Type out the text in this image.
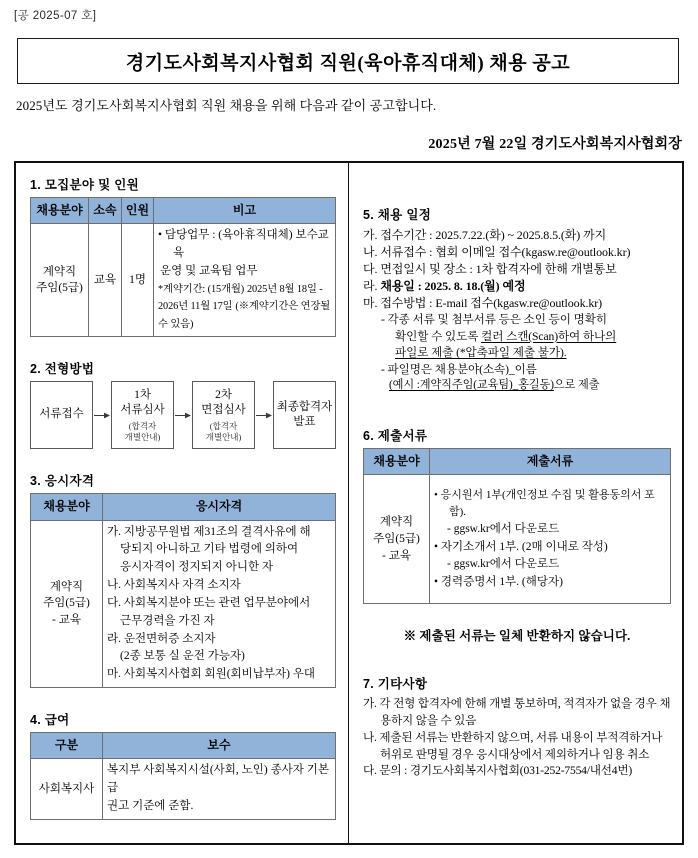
[공 2025-07 호]
경기도사회복지사협회 직원(육아휴직대체) 채용 공고
2025년도 경기도사회복지사협회 직원 채용을 위해 다음과 같이 공고합니다.
2025년 7월 22일 경기도사회복지사협회장
1. 모집분야 및 인원
채용분야	소속	인원	비고
계약직
주임(5급)	교육	1명	• 담당업무 : (육아휴직대체) 보수교육
운영 및 교육팀 업무
*계약기간: (15개월) 2025년 8월 18일 - 2026년 11월 17일 (※계약기간은 연장될 수 있음)
2. 전형방법
서류접수
1차
서류심사
(합격자
개별안내)
2차
면접심사
(합격자
개별안내)
최종합격자
발표
3. 응시자격
채용분야	응시자격
계약직
주임(5급)
- 교육	
가. 지방공무원법 제31조의 결격사유에 해
당되지 아니하고 기타 법령에 의하여
응시자격이 정지되지 아니한 자
나. 사회복지사 자격 소지자
다. 사회복지분야 또는 관련 업무분야에서
근무경력을 가진 자
라. 운전면허증 소지자
(2종 보통 실 운전 가능자)
마. 사회복지사협회 회원(회비납부자) 우대
4. 급여
구분	보수
사회복지사	복지부 사회복지시설(사회, 노인) 종사자 기본급
권고 기준에 준함.
5. 채용 일정
가. 접수기간 : 2025.7.22.(화) ~ 2025.8.5.(화) 까지
나. 서류접수 : 협회 이메일 접수(kgasw.re@outlook.kr)
다. 면접일시 및 장소 : 1차 합격자에 한해 개별통보
라. 채용일 : 2025. 8. 18.(월) 예정
마. 접수방법 : E-mail 접수(kgasw.re@outlook.kr)
- 각종 서류 및 첨부서류 등은 소인 등이 명확히
확인할 수 있도록 컬러 스캔(Scan)하여 하나의
파일로 제출 (*압축파일 제출 불가).
- 파일명은 채용분야(소속)_이름
(예시 :계약직주임(교육팀)_홍길동)으로 제출
6. 제출서류
채용분야	제출서류
계약직
주임(5급)
- 교육	• 응시원서 1부(개인정보 수집 및 활용동의서 포함).
- ggsw.kr에서 다운로드
• 자기소개서 1부. (2매 이내로 작성)
- ggsw.kr에서 다운로드
• 경력증명서 1부. (해당자)
※ 제출된 서류는 일체 반환하지 않습니다.
7. 기타사항
가. 각 전형 합격자에 한해 개별 통보하며, 적격자가 없을 경우 채용하지 않을 수 있음
나. 제출된 서류는 반환하지 않으며, 서류 내용이 부적격하거나 허위로 판명될 경우 응시대상에서 제외하거나 임용 취소
다. 문의 : 경기도사회복지사협회(031-252-7554/내선4번)
